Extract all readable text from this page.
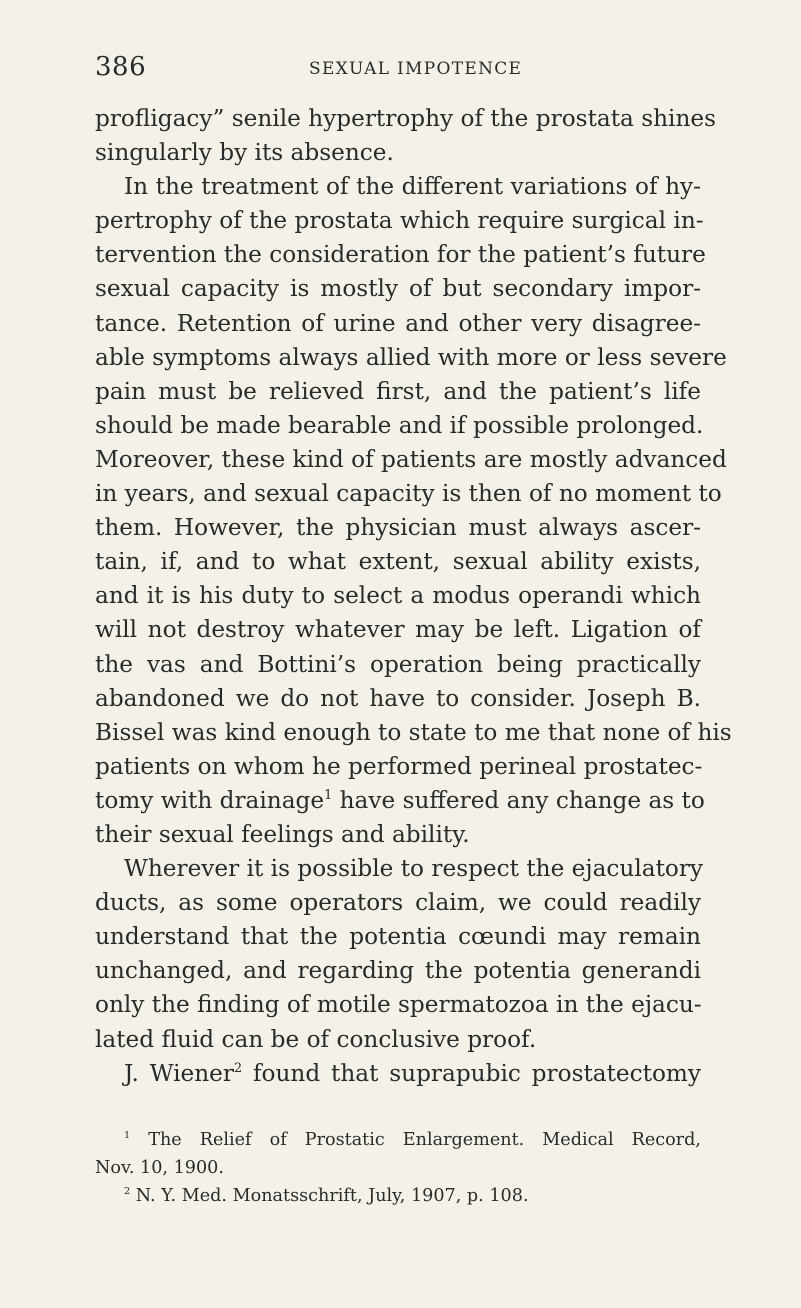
386	SEXUAL IMPOTENCE
profligacy” senile hypertrophy of the prostata shines
singularly by its absence.
In the treatment of the different variations of hy-
pertrophy of the prostata which require surgical in-
tervention the consideration for the patient’s future
sexual capacity is mostly of but secondary impor-
tance. Retention of urine and other very disagree-
able symptoms always allied with more or less severe
pain must be relieved first, and the patient’s life
should be made bearable and if possible prolonged.
Moreover, these kind of patients are mostly advanced
in years, and sexual capacity is then of no moment to
them. However, the physician must always ascer-
tain, if, and to what extent, sexual ability exists,
and it is his duty to select a modus operandi which
will not destroy whatever may be left. Ligation of
the vas and Bottini’s operation being practically
abandoned we do not have to consider. Joseph B.
Bissel was kind enough to state to me that none of his
patients on whom he performed perineal prostatec-
tomy with drainage$^1$ have suffered any change as to
their sexual feelings and ability.
Wherever it is possible to respect the ejaculatory
ducts, as some operators claim, we could readily
understand that the potentia cœundi may remain
unchanged, and regarding the potentia generandi
only the finding of motile spermatozoa in the ejacu-
lated fluid can be of conclusive proof.
J. Wiener$^2$ found that suprapubic prostatectomy
$^1$ The Relief of Prostatic Enlargement. Medical Record,
Nov. 10, 1900.
$^2$ N. Y. Med. Monatsschrift, July, 1907, p. 108.
